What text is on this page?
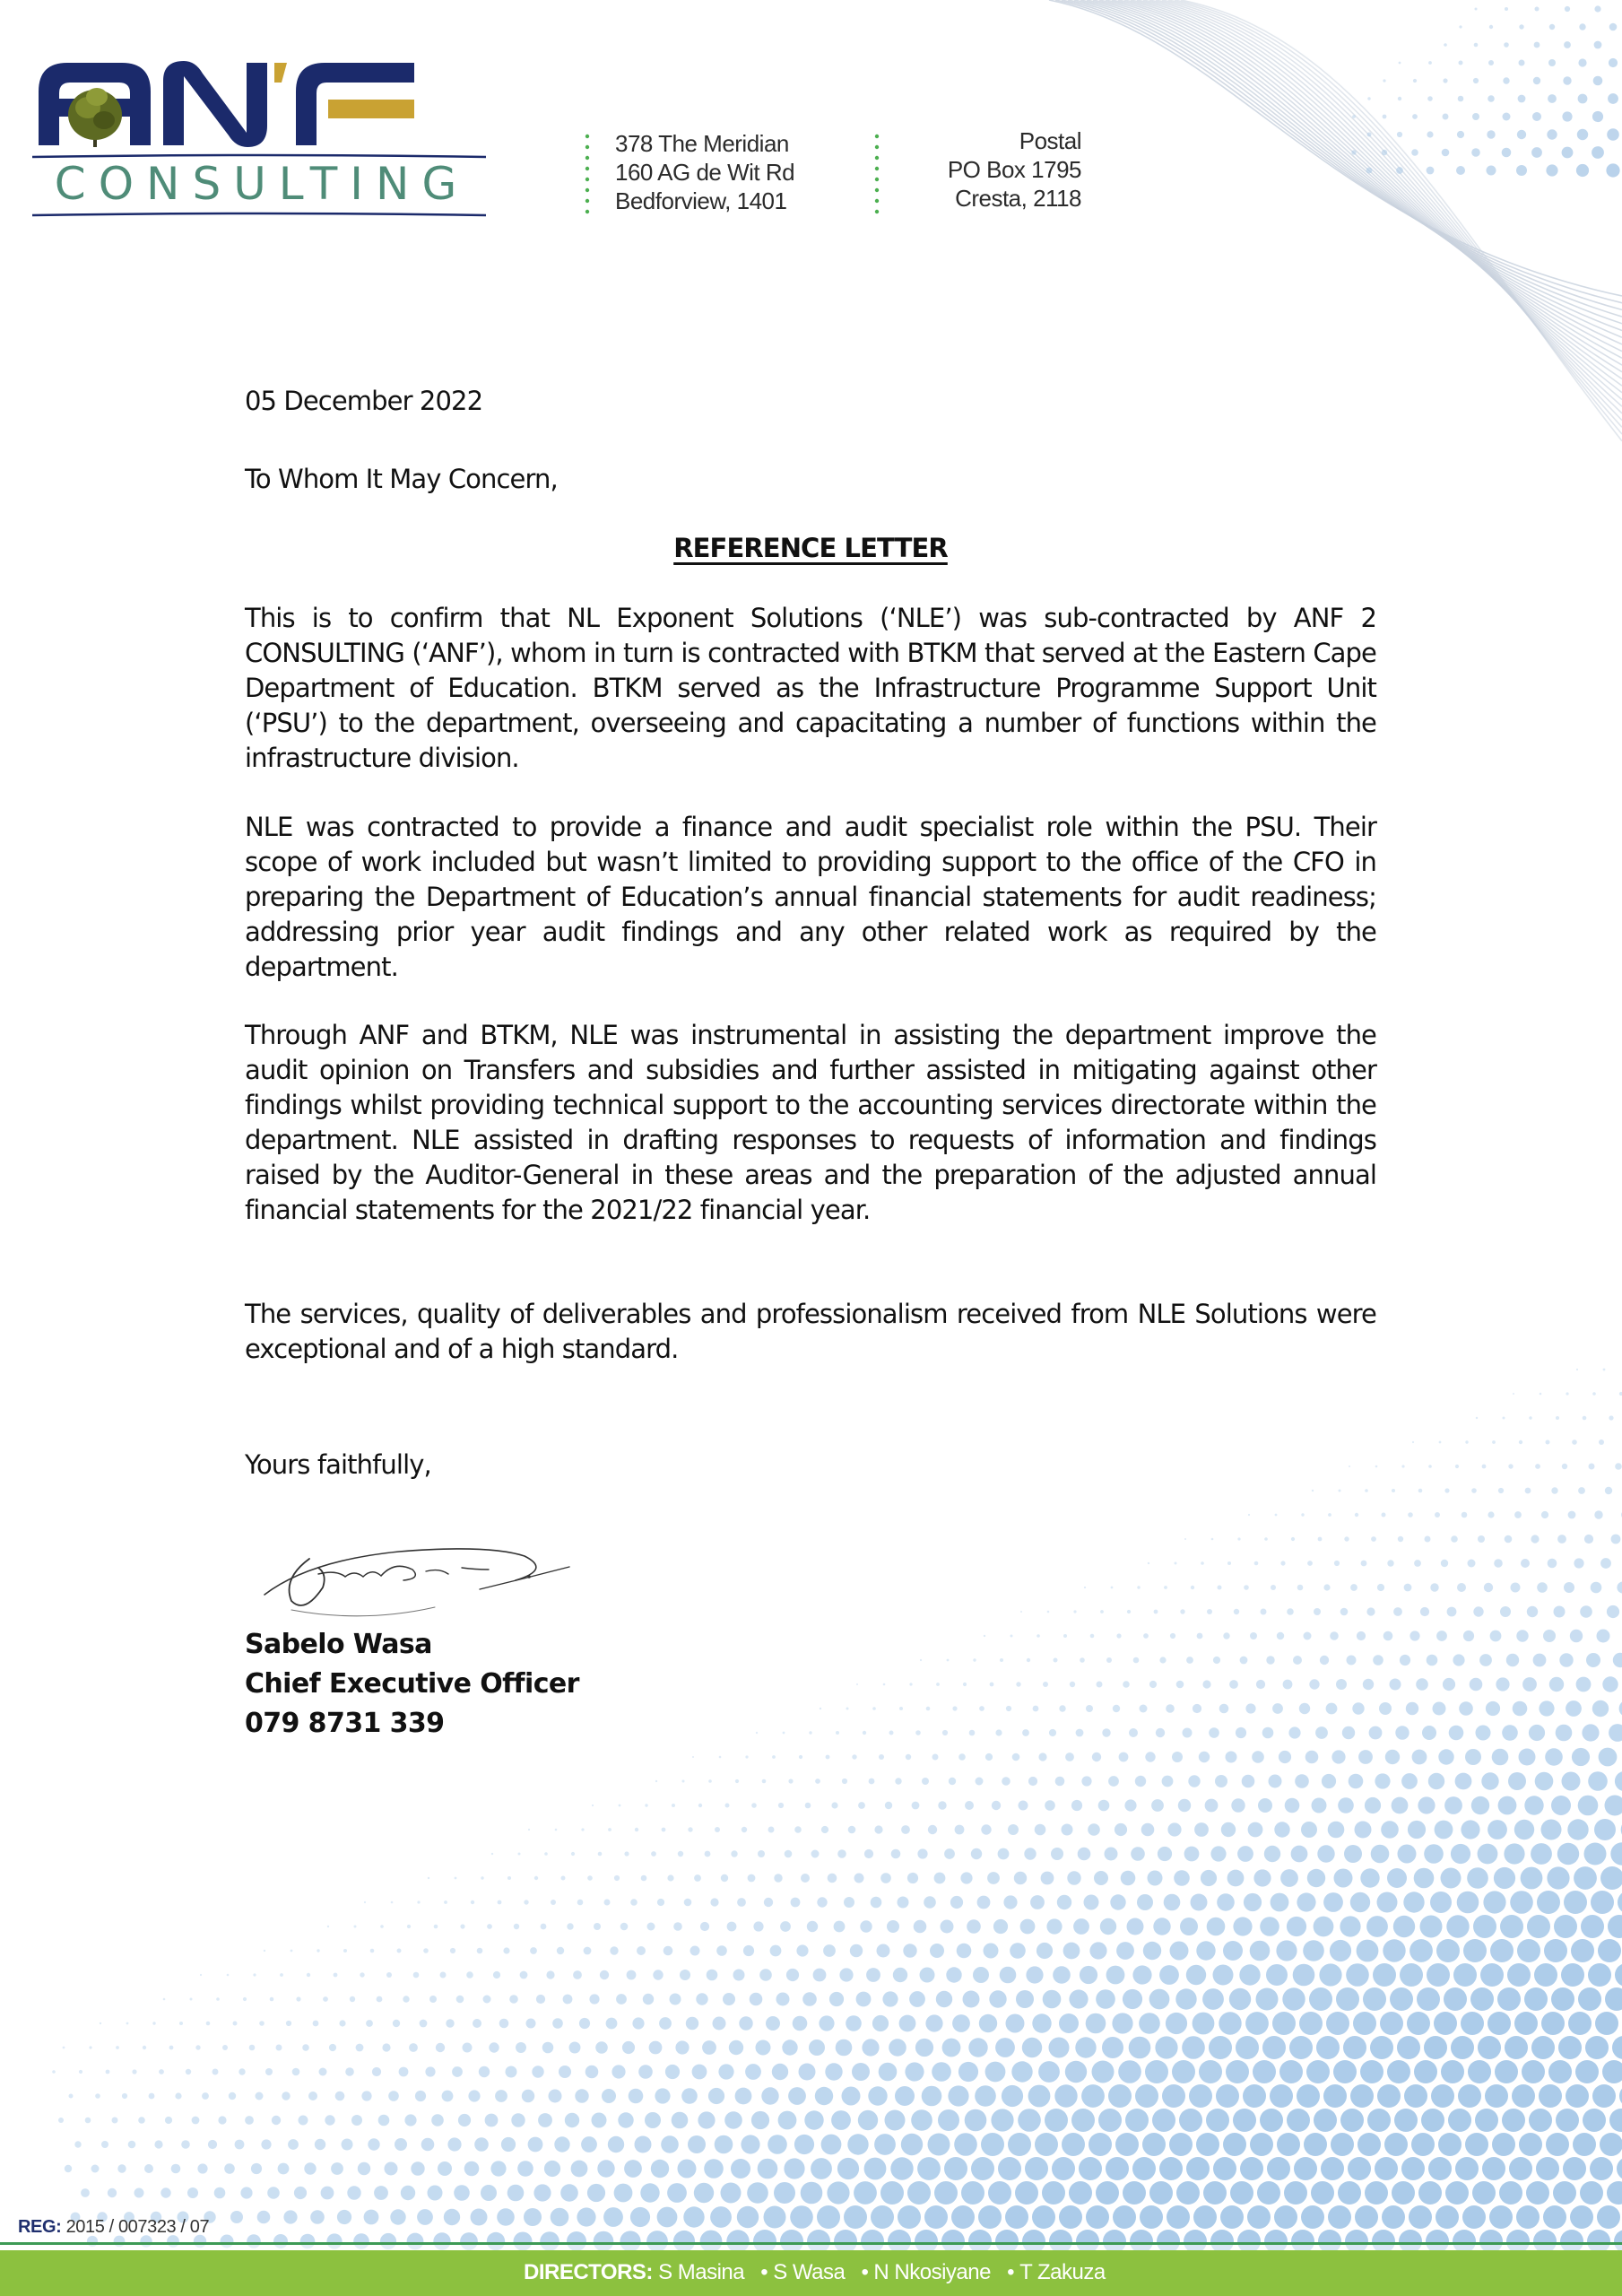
CONSULTING
378 The Meridian
160 AG de Wit Rd
Bedforview, 1401
Postal
PO Box 1795
Cresta, 2118
05 December 2022
To Whom It May Concern,
REFERENCE LETTER
This is to confirm that NL Exponent Solutions (‘NLE’) was sub-contracted by ANF 2 CONSULTING (‘ANF’), whom in turn is contracted with BTKM that served at the Eastern Cape Department of Education. BTKM served as the Infrastructure Programme Support Unit (‘PSU’) to the department, overseeing and capacitating a number of functions within the infrastructure division.
NLE was contracted to provide a finance and audit specialist role within the PSU. Their scope of work included but wasn’t limited to providing support to the office of the CFO in preparing the Department of Education’s annual financial statements for audit readiness; addressing prior year audit findings and any other related work as required by the department.
Through ANF and BTKM, NLE was instrumental in assisting the department improve the audit opinion on Transfers and subsidies and further assisted in mitigating against other findings whilst providing technical support to the accounting services directorate within the department. NLE assisted in drafting responses to requests of information and findings raised by the Auditor-General in these areas and the preparation of the adjusted annual financial statements for the 2021/22 financial year.
The services, quality of deliverables and professionalism received from NLE Solutions were exceptional and of a high standard.
Yours faithfully,
Sabelo Wasa
Chief Executive Officer
079 8731 339
REG: 2015 / 007323 / 07
DIRECTORS: S Masina • S Wasa • N Nkosiyane • T Zakuza
